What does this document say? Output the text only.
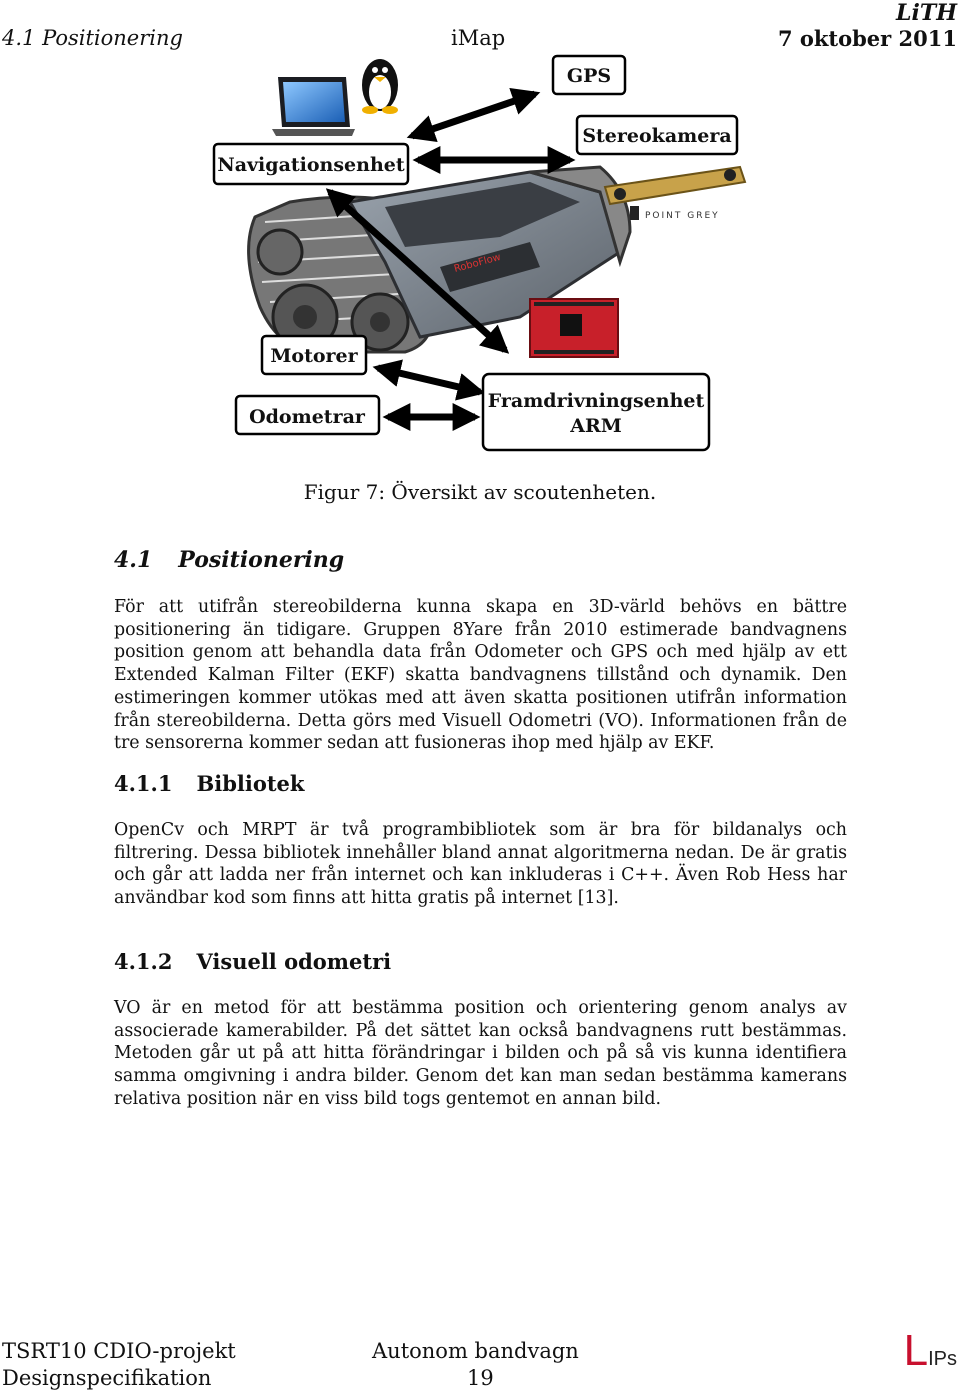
LiTH
4.1 Positionering	iMap	7 oktober 2011
RoboFlow
POINT GREY
GPS
Stereokamera
Navigationsenhet
Motorer
Odometrar
Framdrivningsenhet
ARM
Figur 7: Översikt av scoutenheten.
4.1 Positionering
För att utifrån stereobilderna kunna skapa en 3D-värld behövs en bättre positionering än tidigare. Gruppen 8Yare från 2010 estimerade bandvagnens position genom att behandla data från Odometer och GPS och med hjälp av ett Extended Kalman Filter (EKF) skatta bandvagnens tillstånd och dynamik. Den estimeringen kommer utökas med att även skatta positionen utifrån information från stereobilderna. Detta görs med Visuell Odometri (VO). Informationen från de tre sensorerna kommer sedan att fusioneras ihop med hjälp av EKF.
4.1.1 Bibliotek
OpenCv och MRPT är två programbibliotek som är bra för bildanalys och filtrering. Dessa bibliotek innehåller bland annat algoritmerna nedan. De är gratis och går att ladda ner från internet och kan inkluderas i C++. Även Rob Hess har användbar kod som finns att hitta gratis på internet [13].
4.1.2 Visuell odometri
VO är en metod för att bestämma position och orientering genom analys av associerade kamerabilder. På det sättet kan också bandvagnens rutt bestämmas. Metoden går ut på att hitta förändringar i bilden och på så vis kunna identifiera samma omgivning i andra bilder. Genom det kan man sedan bestämma kamerans relativa position när en viss bild togs gentemot en annan bild.
TSRT10 CDIO-projekt
Designspecifikation
Autonom bandvagn
19
LIPs
